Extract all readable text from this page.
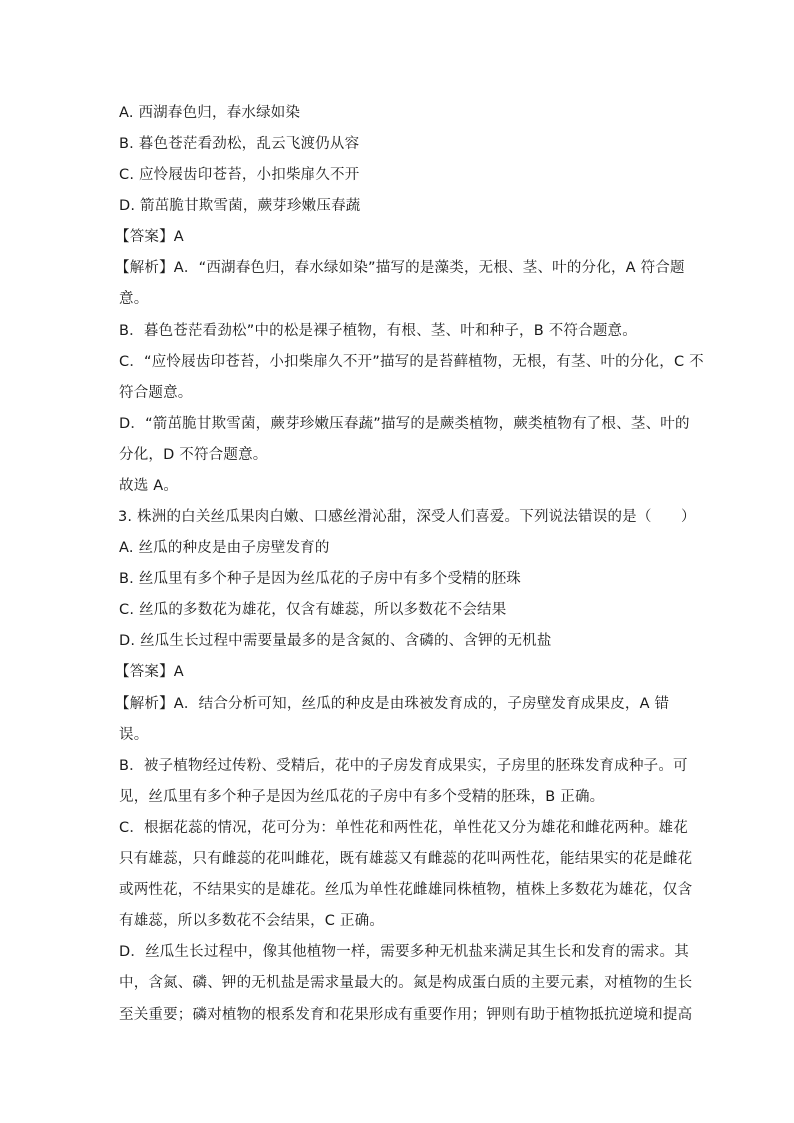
A. 西湖春色归，春水绿如染
B. 暮色苍茫看劲松，乱云飞渡仍从容
C. 应怜屐齿印苍苔，小扣柴扉久不开
D. 箭茁脆甘欺雪菌，蕨芽珍嫩压春蔬
【答案】A
【解析】A．“西湖春色归，春水绿如染”描写的是藻类，无根、茎、叶的分化，A 符合题
意。
B．暮色苍茫看劲松”中的松是裸子植物，有根、茎、叶和种子，B 不符合题意。
C．“应怜屐齿印苍苔，小扣柴扉久不开”描写的是苔藓植物，无根，有茎、叶的分化，C 不
符合题意。
D．“箭茁脆甘欺雪菌，蕨芽珍嫩压春蔬”描写的是蕨类植物，蕨类植物有了根、茎、叶的
分化，D 不符合题意。
故选 A。
3. 株洲的白关丝瓜果肉白嫩、口感丝滑沁甜，深受人们喜爱。下列说法错误的是（　　）
A. 丝瓜的种皮是由子房壁发育的
B. 丝瓜里有多个种子是因为丝瓜花的子房中有多个受精的胚珠
C. 丝瓜的多数花为雄花，仅含有雄蕊，所以多数花不会结果
D. 丝瓜生长过程中需要量最多的是含氮的、含磷的、含钾的无机盐
【答案】A
【解析】A．结合分析可知，丝瓜的种皮是由珠被发育成的，子房壁发育成果皮，A 错
误。
B．被子植物经过传粉、受精后，花中的子房发育成果实，子房里的胚珠发育成种子。可
见，丝瓜里有多个种子是因为丝瓜花的子房中有多个受精的胚珠，B 正确。
C．根据花蕊的情况，花可分为：单性花和两性花，单性花又分为雄花和雌花两种。雄花
只有雄蕊，只有雌蕊的花叫雌花，既有雄蕊又有雌蕊的花叫两性花，能结果实的花是雌花
或两性花，不结果实的是雄花。丝瓜为单性花雌雄同株植物，植株上多数花为雄花，仅含
有雄蕊，所以多数花不会结果，C 正确。
D．丝瓜生长过程中，像其他植物一样，需要多种无机盐来满足其生长和发育的需求。其
中，含氮、磷、钾的无机盐是需求量最大的。氮是构成蛋白质的主要元素，对植物的生长
至关重要；磷对植物的根系发育和花果形成有重要作用；钾则有助于植物抵抗逆境和提高
